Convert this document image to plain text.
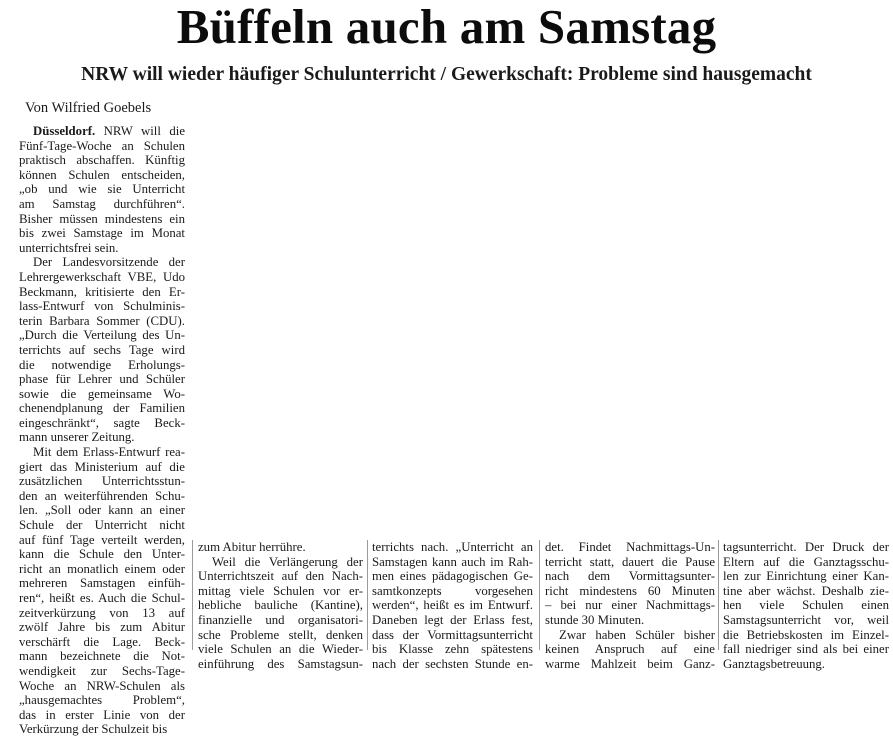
Büffeln auch am Samstag
NRW will wieder häufiger Schulunterricht / Gewerkschaft: Probleme sind hausgemacht
Von Wilfried Goebels
Düsseldorf. NRW will die
Fünf-Tage-Woche an Schulen
praktisch abschaffen. Künftig
können Schulen entscheiden,
„ob und wie sie Unterricht
am Samstag durchführen“.
Bisher müssen mindestens ein
bis zwei Samstage im Monat
unterrichtsfrei sein.
Der Landesvorsitzende der
Lehrergewerkschaft VBE, Udo
Beckmann, kritisierte den Er-
lass-Entwurf von Schulminis-
terin Barbara Sommer (CDU).
„Durch die Verteilung des Un-
terrichts auf sechs Tage wird
die notwendige Erholungs-
phase für Lehrer und Schüler
sowie die gemeinsame Wo-
chenendplanung der Familien
eingeschränkt“, sagte Beck-
mann unserer Zeitung.
Mit dem Erlass-Entwurf rea-
giert das Ministerium auf die
zusätzlichen Unterrichtsstun-
den an weiterführenden Schu-
len. „Soll oder kann an einer
Schule der Unterricht nicht
auf fünf Tage verteilt werden,
kann die Schule den Unter-
richt an monatlich einem oder
mehreren Samstagen einfüh-
ren“, heißt es. Auch die Schul-
zeitverkürzung von 13 auf
zwölf Jahre bis zum Abitur
verschärft die Lage. Beck-
mann bezeichnete die Not-
wendigkeit zur Sechs-Tage-
Woche an NRW-Schulen als
„hausgemachtes Problem“,
das in erster Linie von der
Verkürzung der Schulzeit bis
zum Abitur herrühre.
Weil die Verlängerung der
Unterrichtszeit auf den Nach-
mittag viele Schulen vor er-
hebliche bauliche (Kantine),
finanzielle und organisatori-
sche Probleme stellt, denken
viele Schulen an die Wieder-
einführung des Samstagsun-
terrichts nach. „Unterricht an
Samstagen kann auch im Rah-
men eines pädagogischen Ge-
samtkonzepts vorgesehen
werden“, heißt es im Entwurf.
Daneben legt der Erlass fest,
dass der Vormittagsunterricht
bis Klasse zehn spätestens
nach der sechsten Stunde en-
det. Findet Nachmittags-Un-
terricht statt, dauert die Pause
nach dem Vormittagsunter-
richt mindestens 60 Minuten
– bei nur einer Nachmittags-
stunde 30 Minuten.
Zwar haben Schüler bisher
keinen Anspruch auf eine
warme Mahlzeit beim Ganz-
tagsunterricht. Der Druck der
Eltern auf die Ganztagsschu-
len zur Einrichtung einer Kan-
tine aber wächst. Deshalb zie-
hen viele Schulen einen
Samstagsunterricht vor, weil
die Betriebskosten im Einzel-
fall niedriger sind als bei einer
Ganztagsbetreuung.
